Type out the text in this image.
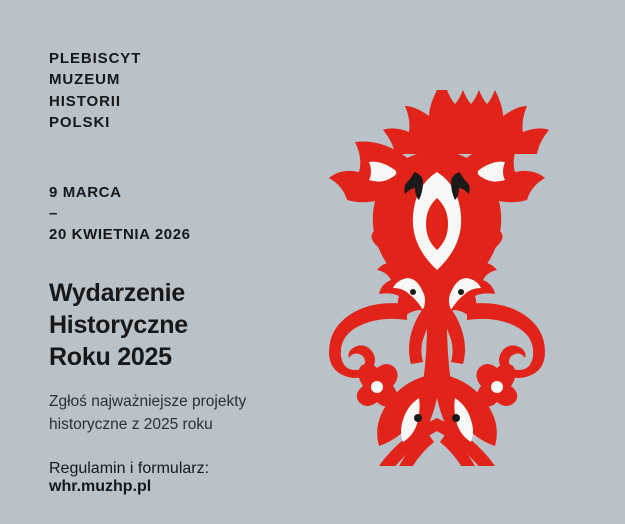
PLEBISCYT
MUZEUM
HISTORII
POLSKI
9 MARCA
–
20 KWIETNIA 2026
Wydarzenie
Historyczne
Roku 2025
Zgłoś najważniejsze projekty
historyczne z 2025 roku
Regulamin i formularz: whr.muzhp.pl
